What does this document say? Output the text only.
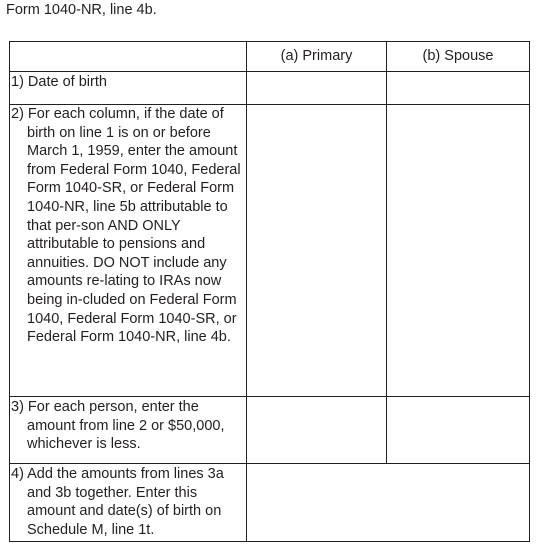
Form 1040-NR, line 4b.
	(a) Primary	(b) Spouse

1) Date of birth		

2) For each column, if the date of birth on line 1 is on or before March 1, 1959, enter the amount from Federal Form 1040, Federal Form 1040-SR, or Federal Form 1040-NR, line 5b attributable to that per-son AND ONLY attributable to pensions and annuities. DO NOT include any amounts re-lating to IRAs now being in-cluded on Federal Form 1040, Federal Form 1040-SR, or Federal Form 1040-NR, line 4b.		

3) For each person, enter the amount from line 2 or $50,000, whichever is less.		

4) Add the amounts from lines 3a and 3b together. Enter this amount and date(s) of birth on Schedule M, line 1t.		
